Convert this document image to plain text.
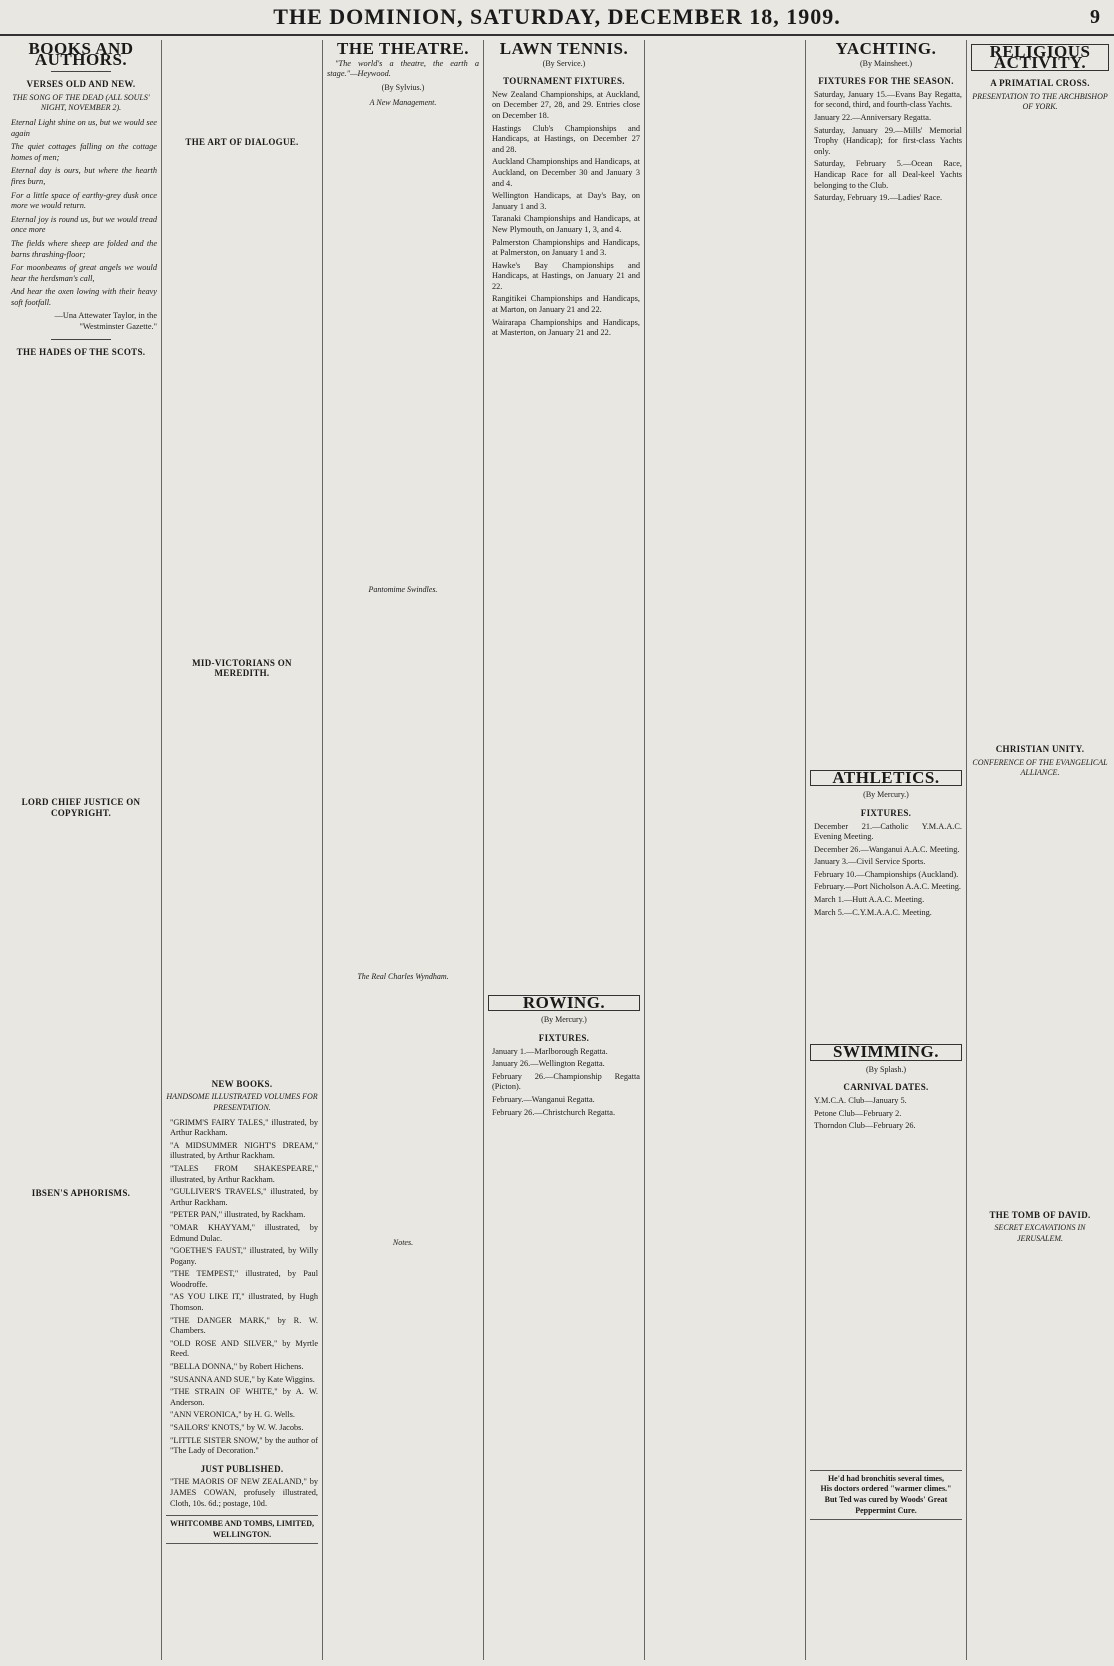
THE DOMINION, SATURDAY, DECEMBER 18, 1909.	9
BOOKS AND AUTHORS.
VERSES OLD AND NEW.
THE SONG OF THE DEAD (ALL SOULS' NIGHT, NOVEMBER 2).
Eternal Light shine on us, but we would see again
The quiet cottages falling on the cottage homes of men;
Eternal day is ours, but where the hearth fires burn,
For a little space of earthy-grey dusk once more we would return.
Eternal joy is round us, but we would tread once more
The fields where sheep are folded and the barns thrashing-floor;
For moonbeams of great angels we would hear the herdsman's call,
And hear the oxen lowing with their heavy soft footfall.
—Una Attewater Taylor, in the "Westminster Gazette."
THE HADES OF THE SCOTS.
LORD CHIEF JUSTICE ON COPYRIGHT.
IBSEN'S APHORISMS.
THE ART OF DIALOGUE.
MID-VICTORIANS ON MEREDITH.
NEW BOOKS.
HANDSOME ILLUSTRATED VOLUMES FOR PRESENTATION.
"GRIMM'S FAIRY TALES," illustrated, by Arthur Rackham.
"A MIDSUMMER NIGHT'S DREAM," illustrated, by Arthur Rackham.
"TALES FROM SHAKESPEARE," illustrated, by Arthur Rackham.
"GULLIVER'S TRAVELS," illustrated, by Arthur Rackham.
"PETER PAN," illustrated, by Rackham.
"OMAR KHAYYAM," illustrated, by Edmund Dulac.
"GOETHE'S FAUST," illustrated, by Willy Pogany.
"THE TEMPEST," illustrated, by Paul Woodroffe.
"AS YOU LIKE IT," illustrated, by Hugh Thomson.
"THE DANGER MARK," by R. W. Chambers.
"OLD ROSE AND SILVER," by Myrtle Reed.
"BELLA DONNA," by Robert Hichens.
"SUSANNA AND SUE," by Kate Wiggins.
"THE STRAIN OF WHITE," by A. W. Anderson.
"ANN VERONICA," by H. G. Wells.
"SAILORS' KNOTS," by W. W. Jacobs.
"LITTLE SISTER SNOW," by the author of "The Lady of Decoration."
JUST PUBLISHED.
"THE MAORIS OF NEW ZEALAND," by JAMES COWAN, profusely illustrated, Cloth, 10s. 6d.; postage, 10d.
WHITCOMBE AND TOMBS, LIMITED, WELLINGTON.
THE THEATRE.
"The world's a theatre, the earth a stage."—Heywood.
(By Sylvius.)
A New Management.
Pantomime Swindles.
The Real Charles Wyndham.
Notes.
LAWN TENNIS.
(By Service.)
TOURNAMENT FIXTURES.
New Zealand Championships, at Auckland, on December 27, 28, and 29. Entries close on December 18.
Hastings Club's Championships and Handicaps, at Hastings, on December 27 and 28.
Auckland Championships and Handicaps, at Auckland, on December 30 and January 3 and 4.
Wellington Handicaps, at Day's Bay, on January 1 and 3.
Taranaki Championships and Handicaps, at New Plymouth, on January 1, 3, and 4.
Palmerston Championships and Handicaps, at Palmerston, on January 1 and 3.
Hawke's Bay Championships and Handicaps, at Hastings, on January 21 and 22.
Rangitikei Championships and Handicaps, at Marton, on January 21 and 22.
Wairarapa Championships and Handicaps, at Masterton, on January 21 and 22.
ROWING.
(By Mercury.)
FIXTURES.
January 1.—Marlborough Regatta.
January 26.—Wellington Regatta.
February 26.—Championship Regatta (Picton).
February.—Wanganui Regatta.
February 26.—Christchurch Regatta.
YACHTING.
(By Mainsheet.)
FIXTURES FOR THE SEASON.
Saturday, January 15.—Evans Bay Regatta, for second, third, and fourth-class Yachts.
January 22.—Anniversary Regatta.
Saturday, January 29.—Mills' Memorial Trophy (Handicap); for first-class Yachts only.
Saturday, February 5.—Ocean Race, Handicap Race for all Deal-keel Yachts belonging to the Club.
Saturday, February 19.—Ladies' Race.
ATHLETICS.
(By Mercury.)
FIXTURES.
December 21.—Catholic Y.M.A.A.C. Evening Meeting.
December 26.—Wanganui A.A.C. Meeting.
January 3.—Civil Service Sports.
February 10.—Championships (Auckland).
February.—Port Nicholson A.A.C. Meeting.
March 1.—Hutt A.A.C. Meeting.
March 5.—C.Y.M.A.A.C. Meeting.
SWIMMING.
(By Splash.)
CARNIVAL DATES.
Y.M.C.A. Club—January 5.
Petone Club—February 2.
Thorndon Club—February 26.
He'd had bronchitis several times,
His doctors ordered "warmer climes."
But Ted was cured by Woods' Great Peppermint Cure.
RELIGIOUS ACTIVITY.
A PRIMATIAL CROSS.
PRESENTATION TO THE ARCHBISHOP OF YORK.
CHRISTIAN UNITY.
CONFERENCE OF THE EVANGELICAL ALLIANCE.
THE TOMB OF DAVID.
SECRET EXCAVATIONS IN JERUSALEM.
